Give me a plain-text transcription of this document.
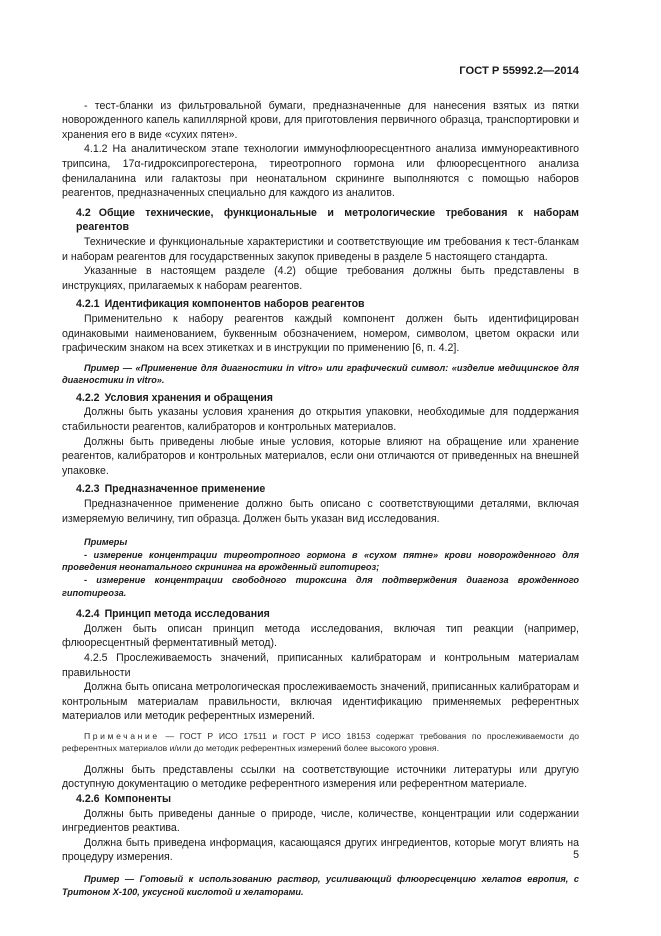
ГОСТ Р 55992.2—2014

- тест-бланки из фильтровальной бумаги, предназначенные для нанесения взятых из пятки новорожденного капель капиллярной крови, для приготовления первичного образца, транспортировки и хранения его в виде «сухих пятен».

4.1.2 На аналитическом этапе технологии иммунофлюоресцентного анализа иммунореактивного трипсина, 17α-гидроксипрогестерона, тиреотропного гормона или флюоресцентного анализа фенилаланина или галактозы при неонатальном скрининге выполняются с помощью наборов реагентов, предназначенных специально для каждого из аналитов.

4.2 Общие технические, функциональные и метрологические требования к наборам реагентов

Технические и функциональные характеристики и соответствующие им требования к тест-бланкам и наборам реагентов для государственных закупок приведены в разделе 5 настоящего стандарта.

Указанные в настоящем разделе (4.2) общие требования должны быть представлены в инструкциях, прилагаемых к наборам реагентов.

4.2.1 Идентификация компонентов наборов реагентов

Применительно к набору реагентов каждый компонент должен быть идентифицирован одинаковыми наименованием, буквенным обозначением, номером, символом, цветом окраски или графическим знаком на всех этикетках и в инструкции по применению [6, п. 4.2].

Пример — «Применение для диагностики in vitro» или графический символ: «изделие медицинское для диагностики in vitro».
4.2.2 Условия хранения и обращения

Должны быть указаны условия хранения до открытия упаковки, необходимые для поддержания стабильности реагентов, калибраторов и контрольных материалов.

Должны быть приведены любые иные условия, которые влияют на обращение или хранение реагентов, калибраторов и контрольных материалов, если они отличаются от приведенных на внешней упаковке.

4.2.3 Предназначенное применение

Предназначенное применение должно быть описано с соответствующими деталями, включая измеряемую величину, тип образца. Должен быть указан вид исследования.

Примеры
- измерение концентрации тиреотропного гормона в «сухом пятне» крови новорожденного для проведения неонатального скрининга на врожденный гипотиреоз;
- измерение концентрации свободного тироксина для подтверждения диагноза врожденного гипотиреоза.
4.2.4 Принцип метода исследования

Должен быть описан принцип метода исследования, включая тип реакции (например, флюоресцентный ферментативный метод).

4.2.5 Прослеживаемость значений, приписанных калибраторам и контрольным материалам правильности

Должна быть описана метрологическая прослеживаемость значений, приписанных калибраторам и контрольным материалам правильности, включая идентификацию применяемых референтных материалов или методик референтных измерений.

Примечание — ГОСТ Р ИСО 17511 и ГОСТ Р ИСО 18153 содержат требования по прослеживаемости до референтных материалов и/или до методик референтных измерений более высокого уровня.

Должны быть представлены ссылки на соответствующие источники литературы или другую доступную документацию о методике референтного измерения или референтном материале.

4.2.6 Компоненты

Должны быть приведены данные о природе, числе, количестве, концентрации или содержании ингредиентов реактива.

Должна быть приведена информация, касающаяся других ингредиентов, которые могут влиять на процедуру измерения.

Пример — Готовый к использованию раствор, усиливающий флюоресценцию хелатов европия, с Тритоном Х-100, уксусной кислотой и хелаторами.
5
